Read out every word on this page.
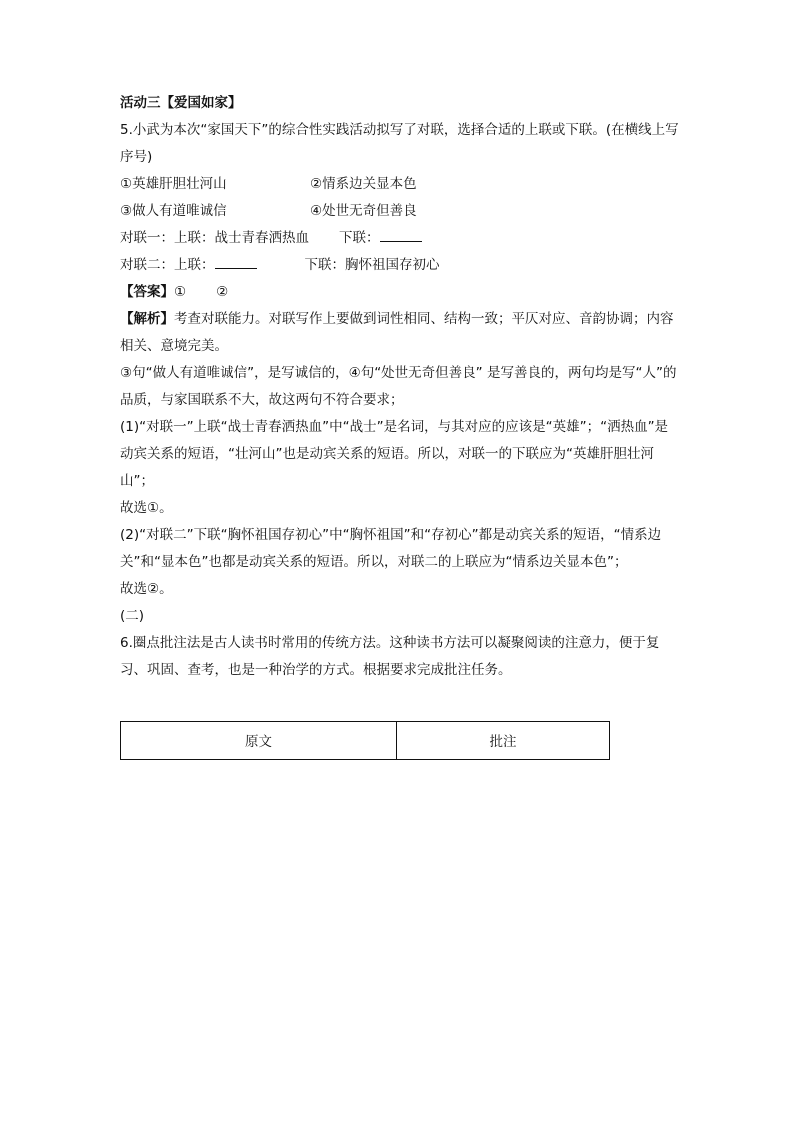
活动三【爱国如家】
5.小武为本次“家国天下”的综合性实践活动拟写了对联，选择合适的上联或下联。(在横线上写序号)
①英雄肝胆壮河山	②情系边关显本色
③做人有道唯诚信	④处世无奇但善良
对联一：上联：战士青春洒热血 下联：
对联二：上联：	下联：胸怀祖国存初心
【答案】① ②
【解析】考查对联能力。对联写作上要做到词性相同、结构一致；平仄对应、音韵协调；内容相关、意境完美。
③句“做人有道唯诚信”，是写诚信的，④句“处世无奇但善良” 是写善良的，两句均是写“人”的品质，与家国联系不大，故这两句不符合要求；
(1)“对联一”上联“战士青春洒热血”中“战士”是名词，与其对应的应该是“英雄”；“洒热血”是动宾关系的短语，“壮河山”也是动宾关系的短语。所以，对联一的下联应为“英雄肝胆壮河山”；
故选①。
(2)“对联二”下联“胸怀祖国存初心”中“胸怀祖国”和“存初心”都是动宾关系的短语，“情系边关”和“显本色”也都是动宾关系的短语。所以，对联二的上联应为“情系边关显本色”；
故选②。
(二)
6.圈点批注法是古人读书时常用的传统方法。这种读书方法可以凝聚阅读的注意力，便于复习、巩固、查考，也是一种治学的方式。根据要求完成批注任务。
原文	批注
